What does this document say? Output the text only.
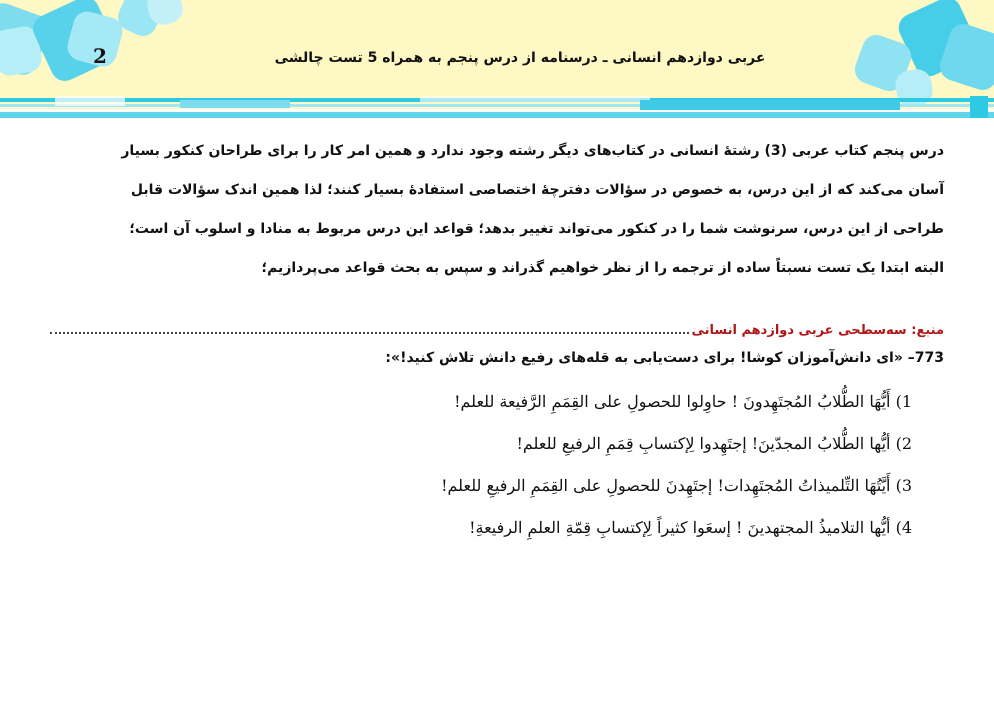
2	عربی دوازدهم انسانی ـ درسنامه از درس پنجم به همراه 5 تست چالشی
درس پنجم کتاب عربی (3) رشتهٔ انسانی در کتاب‌های دیگر رشته وجود ندارد و همین امر کار را برای طراحان کنکور بسیار
آسان می‌کند که از این درس، به خصوص در سؤالات دفترچهٔ اختصاصی استفادهٔ بسیار کنند؛ لذا همین اندک سؤالات قابل
طراحی از این درس، سرنوشت شما را در کنکور می‌تواند تغییر بدهد؛ قواعد این درس مربوط به منادا و اسلوب آن است؛
البته ابتدا یک تست نسبتاً ساده از ترجمه را از نظر خواهیم گذراند و سپس به بحث قواعد می‌پردازیم؛
منبع: سه‌سطحی عربی دوازدهم انسانی
773– «ای دانش‌آموزان کوشا! برای دست‌یابی به قله‌های رفیع دانش تلاش کنید!»:
1) أَيُّهَا الطُّلابُ المُجتَهِدونَ ! حاوِلوا للحصولِ على القِمَمِ الرَّفيعة للعلم!
2) أيُّها الطُّلابُ المجدّينَ! إجتَهِدوا لِإكتسابِ قِمَمِ الرفيعِ للعلم!
3) أَيَّتُهَا التِّلميذاتُ المُجتَهِدات! إجتَهِدنَ للحصولِ على القِمَمِ الرفيعِ للعلم!
4) أيُّها التلاميذُ المجتهدينَ ! إسعَوا كثيراً لِإكتسابِ قِمّةِ العلمِ الرفيعةِ!
